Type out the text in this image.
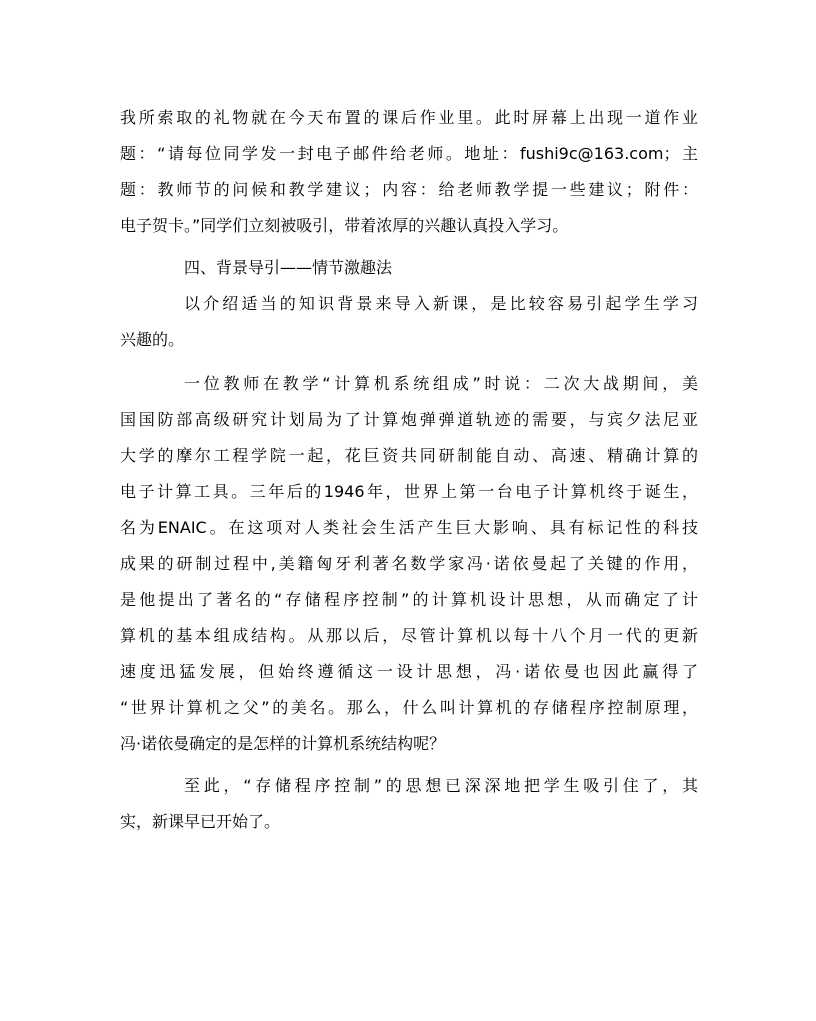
我所索取的礼物就在今天布置的课后作业里。此时屏幕上出现一道作业
题：“请每位同学发一封电子邮件给老师。地址：fushi9c@163.com；主
题：教师节的问候和教学建议；内容：给老师教学提一些建议；附件：
电子贺卡。”同学们立刻被吸引，带着浓厚的兴趣认真投入学习。
四、背景导引——情节激趣法
以介绍适当的知识背景来导入新课，是比较容易引起学生学习
兴趣的。
一位教师在教学“计算机系统组成”时说：二次大战期间，美
国国防部高级研究计划局为了计算炮弹弹道轨迹的需要，与宾夕法尼亚
大学的摩尔工程学院一起，花巨资共同研制能自动、高速、精确计算的
电子计算工具。三年后的1946年，世界上第一台电子计算机终于诞生，
名为ENAIC。在这项对人类社会生活产生巨大影响、具有标记性的科技
成果的研制过程中,美籍匈牙利著名数学家冯·诺依曼起了关键的作用，
是他提出了著名的“存储程序控制”的计算机设计思想，从而确定了计
算机的基本组成结构。从那以后，尽管计算机以每十八个月一代的更新
速度迅猛发展，但始终遵循这一设计思想，冯·诺依曼也因此赢得了
“世界计算机之父”的美名。那么，什么叫计算机的存储程序控制原理，
冯·诺依曼确定的是怎样的计算机系统结构呢？
至此，“存储程序控制”的思想已深深地把学生吸引住了，其
实，新课早已开始了。
